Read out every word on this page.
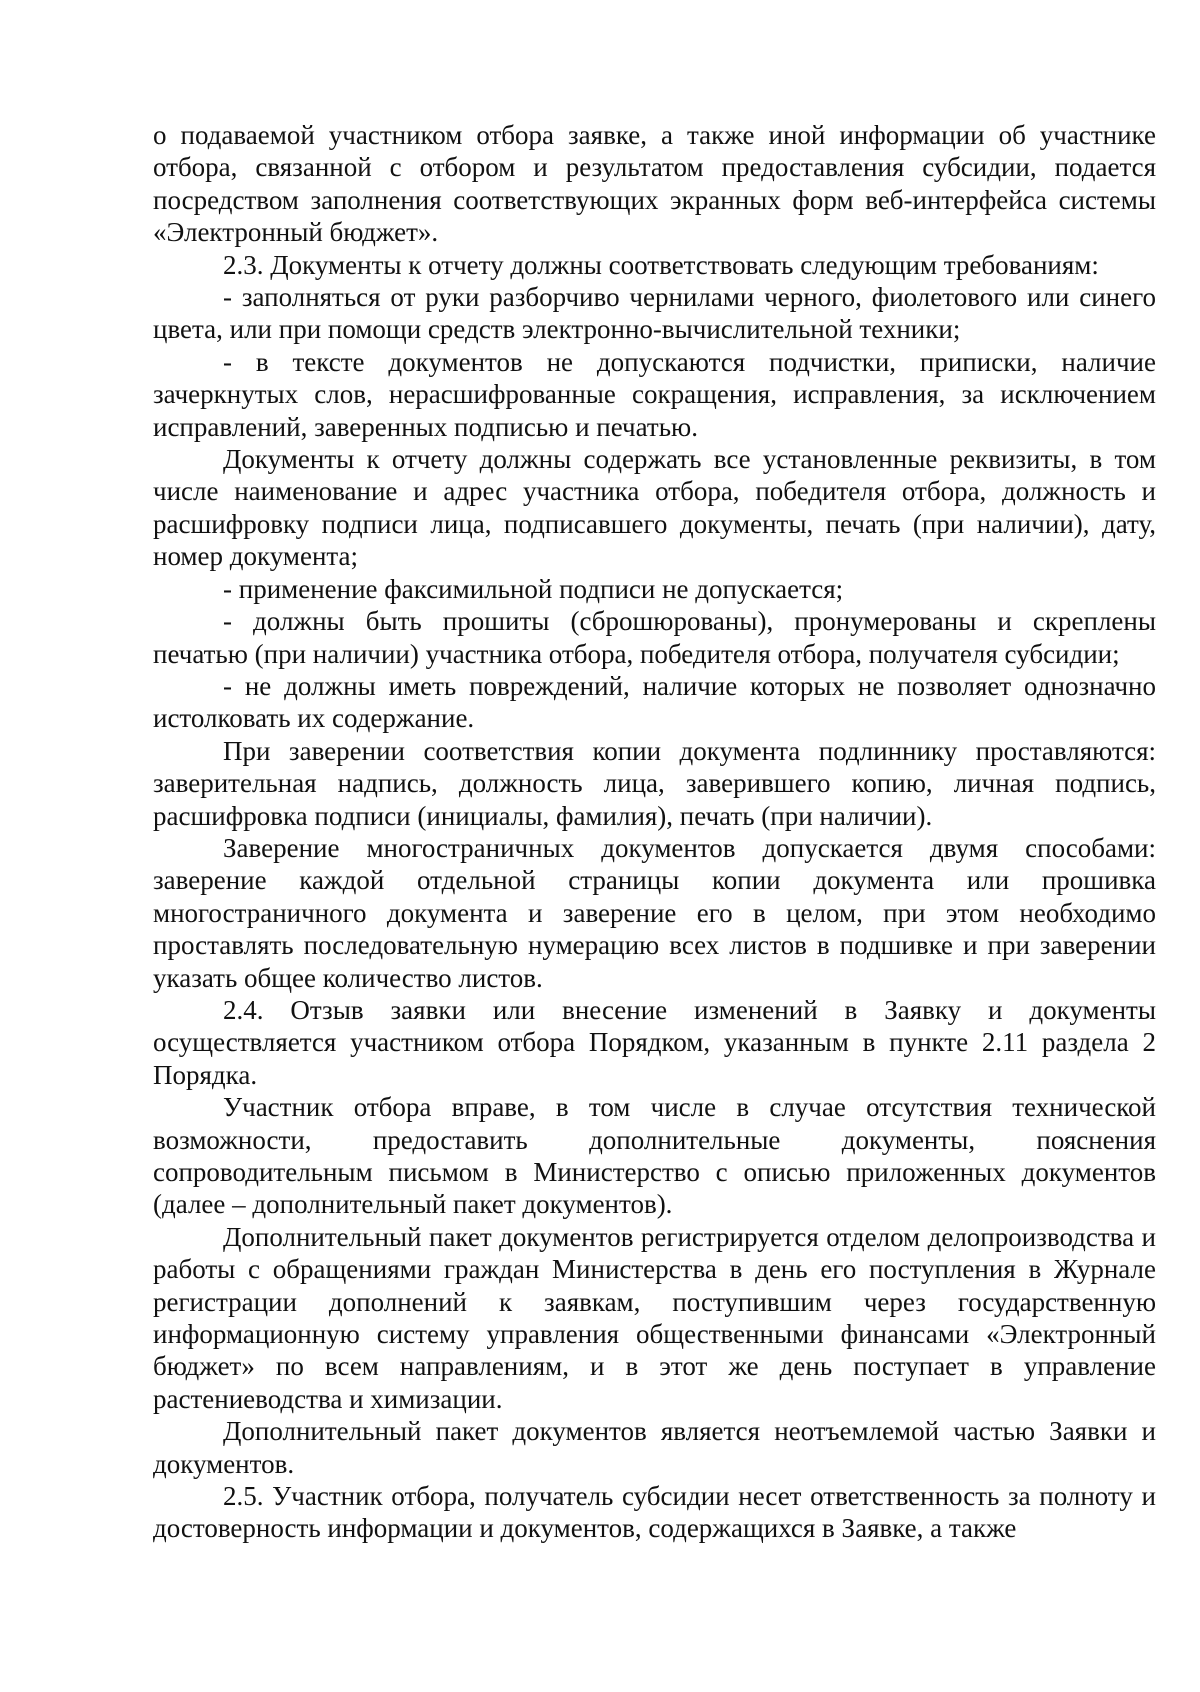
о подаваемой участником отбора заявке, а также иной информации об участнике отбора, связанной с отбором и результатом предоставления субсидии, подается посредством заполнения соответствующих экранных форм веб-интерфейса системы «Электронный бюджет».

2.3. Документы к отчету должны соответствовать следующим требованиям:

- заполняться от руки разборчиво чернилами черного, фиолетового или синего цвета, или при помощи средств электронно-вычислительной техники;

- в тексте документов не допускаются подчистки, приписки, наличие зачеркнутых слов, нерасшифрованные сокращения, исправления, за исключением исправлений, заверенных подписью и печатью.

Документы к отчету должны содержать все установленные реквизиты, в том числе наименование и адрес участника отбора, победителя отбора, должность и расшифровку подписи лица, подписавшего документы, печать (при наличии), дату, номер документа;

- применение факсимильной подписи не допускается;

- должны быть прошиты (сброшюрованы), пронумерованы и скреплены печатью (при наличии) участника отбора, победителя отбора, получателя субсидии;

- не должны иметь повреждений, наличие которых не позволяет однозначно истолковать их содержание.

При заверении соответствия копии документа подлиннику проставляются: заверительная надпись, должность лица, заверившего копию, личная подпись, расшифровка подписи (инициалы, фамилия), печать (при наличии).

Заверение многостраничных документов допускается двумя способами: заверение каждой отдельной страницы копии документа или прошивка многостраничного документа и заверение его в целом, при этом необходимо проставлять последовательную нумерацию всех листов в подшивке и при заверении указать общее количество листов.

2.4. Отзыв заявки или внесение изменений в Заявку и документы осуществляется участником отбора Порядком, указанным в пункте 2.11 раздела 2 Порядка.

Участник отбора вправе, в том числе в случае отсутствия технической возможности, предоставить дополнительные документы, пояснения сопроводительным письмом в Министерство с описью приложенных документов (далее – дополнительный пакет документов).

Дополнительный пакет документов регистрируется отделом делопроизводства и работы с обращениями граждан Министерства в день его поступления в Журнале регистрации дополнений к заявкам, поступившим через государственную информационную систему управления общественными финансами «Электронный бюджет» по всем направлениям, и в этот же день поступает в управление растениеводства и химизации.

Дополнительный пакет документов является неотъемлемой частью Заявки и документов.

2.5. Участник отбора, получатель субсидии несет ответственность за полноту и достоверность информации и документов, содержащихся в Заявке, а также
